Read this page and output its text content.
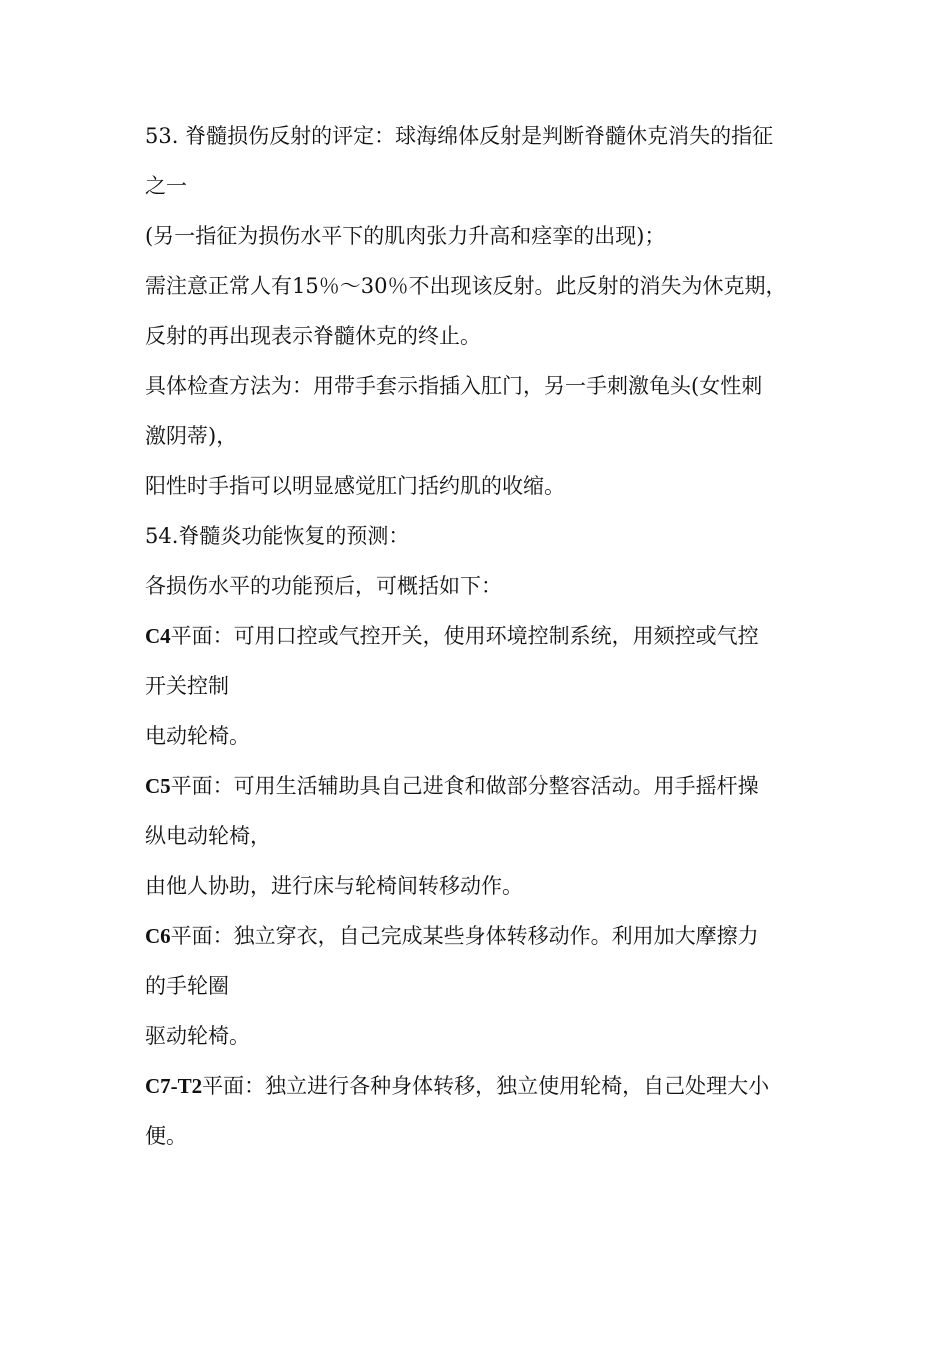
53. 脊髓损伤反射的评定：球海绵体反射是判断脊髓休克消失的指征
之一
(另一指征为损伤水平下的肌肉张力升高和痉挛的出现)；
需注意正常人有15％～30％不出现该反射。此反射的消失为休克期，
反射的再出现表示脊髓休克的终止。
具体检查方法为：用带手套示指插入肛门，另一手刺激龟头(女性刺
激阴蒂)，
阳性时手指可以明显感觉肛门括约肌的收缩。
54.脊髓炎功能恢复的预测：
各损伤水平的功能预后，可概括如下：
C4平面：可用口控或气控开关，使用环境控制系统，用颏控或气控
开关控制
电动轮椅。
C5平面：可用生活辅助具自己进食和做部分整容活动。用手摇杆操
纵电动轮椅，
由他人协助，进行床与轮椅间转移动作。
C6平面：独立穿衣，自己完成某些身体转移动作。利用加大摩擦力
的手轮圈
驱动轮椅。
C7-T2平面：独立进行各种身体转移，独立使用轮椅，自己处理大小
便。
